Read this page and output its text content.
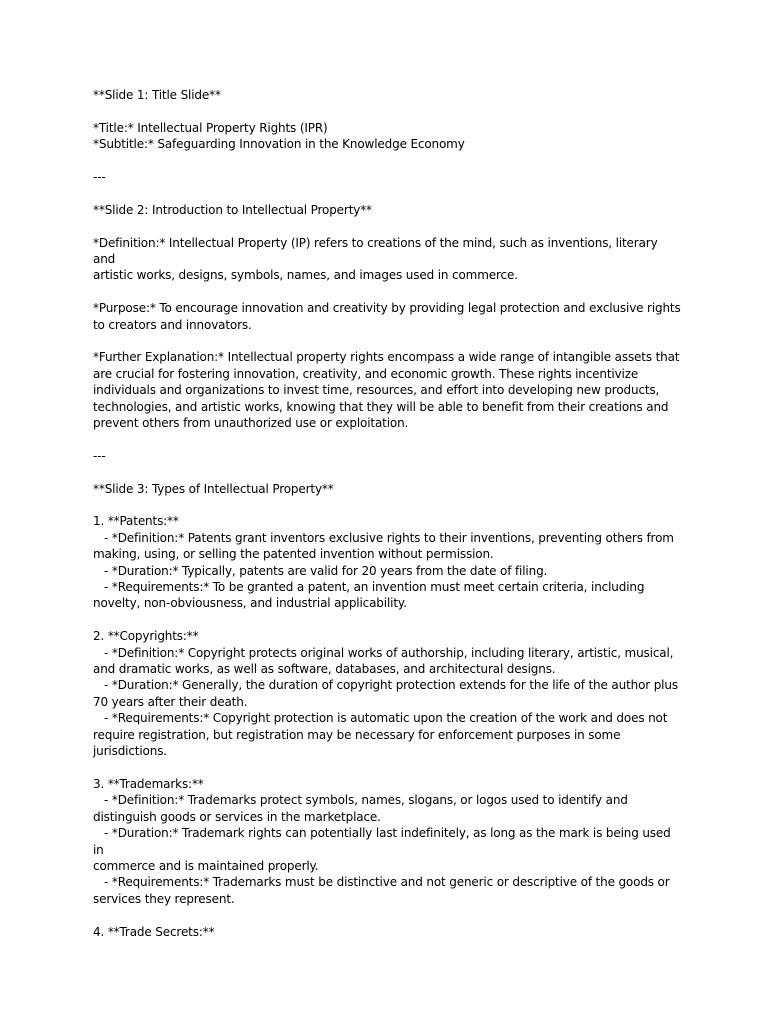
**Slide 1: Title Slide**
*Title:* Intellectual Property Rights (IPR)
*Subtitle:* Safeguarding Innovation in the Knowledge Economy
---
**Slide 2: Introduction to Intellectual Property**
*Definition:* Intellectual Property (IP) refers to creations of the mind, such as inventions, literary and
artistic works, designs, symbols, names, and images used in commerce.
*Purpose:* To encourage innovation and creativity by providing legal protection and exclusive rights
to creators and innovators.
*Further Explanation:* Intellectual property rights encompass a wide range of intangible assets that
are crucial for fostering innovation, creativity, and economic growth. These rights incentivize
individuals and organizations to invest time, resources, and effort into developing new products,
technologies, and artistic works, knowing that they will be able to benefit from their creations and
prevent others from unauthorized use or exploitation.
---
**Slide 3: Types of Intellectual Property**
1. **Patents:**
- *Definition:* Patents grant inventors exclusive rights to their inventions, preventing others from
making, using, or selling the patented invention without permission.
- *Duration:* Typically, patents are valid for 20 years from the date of filing.
- *Requirements:* To be granted a patent, an invention must meet certain criteria, including
novelty, non-obviousness, and industrial applicability.
2. **Copyrights:**
- *Definition:* Copyright protects original works of authorship, including literary, artistic, musical,
and dramatic works, as well as software, databases, and architectural designs.
- *Duration:* Generally, the duration of copyright protection extends for the life of the author plus
70 years after their death.
- *Requirements:* Copyright protection is automatic upon the creation of the work and does not
require registration, but registration may be necessary for enforcement purposes in some
jurisdictions.
3. **Trademarks:**
- *Definition:* Trademarks protect symbols, names, slogans, or logos used to identify and
distinguish goods or services in the marketplace.
- *Duration:* Trademark rights can potentially last indefinitely, as long as the mark is being used in
commerce and is maintained properly.
- *Requirements:* Trademarks must be distinctive and not generic or descriptive of the goods or
services they represent.
4. **Trade Secrets:**
